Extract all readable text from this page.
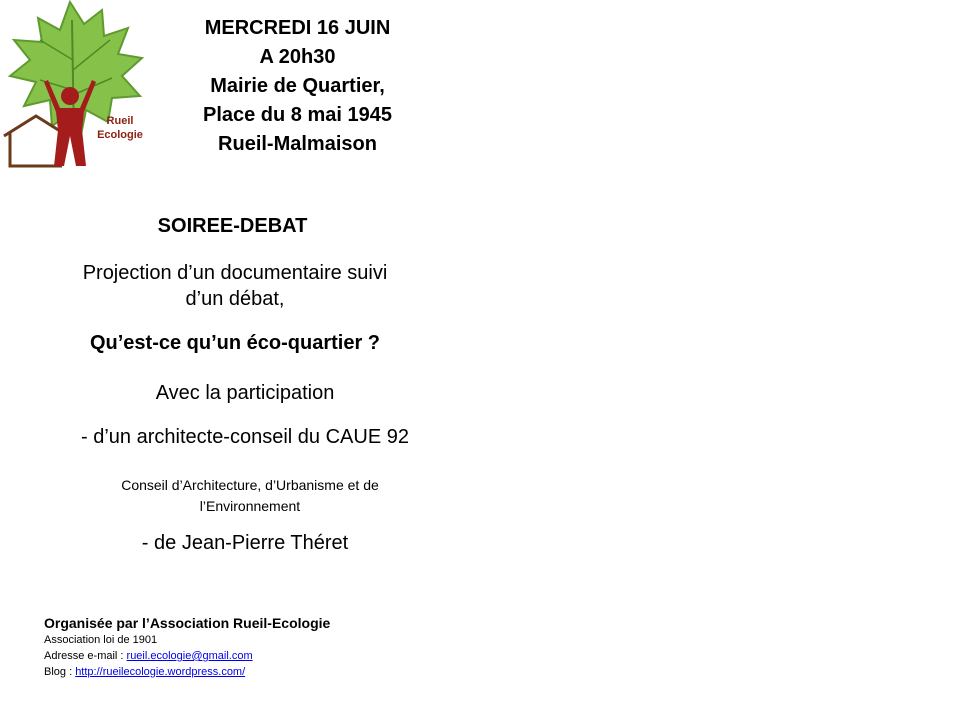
Rueil
Ecologie
MERCREDI 16 JUIN
A 20h30
Mairie de Quartier,
Place du 8 mai 1945
Rueil-Malmaison
SOIREE-DEBAT
Projection d’un documentaire suivi
d’un débat,
Qu’est-ce qu’un éco-quartier ?
Avec la participation
- d’un architecte-conseil du CAUE 92
Conseil d’Architecture, d’Urbanisme et de
l’Environnement
- de Jean-Pierre Théret
Organisée par l’Association Rueil-Ecologie
Association loi de 1901
Adresse e-mail : rueil.ecologie@gmail.com
Blog : http://rueilecologie.wordpress.com/
